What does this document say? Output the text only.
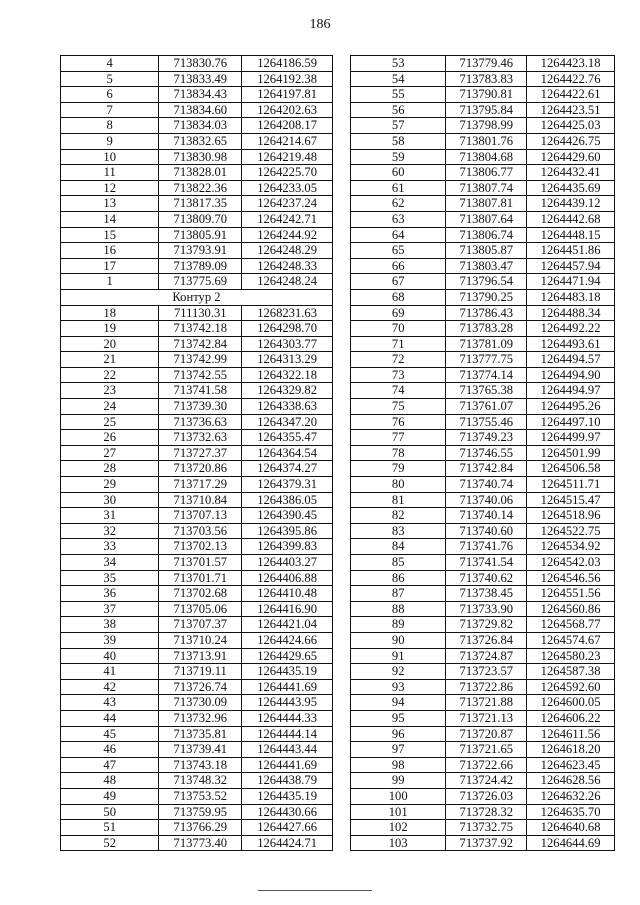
186
4	713830.76	1264186.59
5	713833.49	1264192.38
6	713834.43	1264197.81
7	713834.60	1264202.63
8	713834.03	1264208.17
9	713832.65	1264214.67
10	713830.98	1264219.48
11	713828.01	1264225.70
12	713822.36	1264233.05
13	713817.35	1264237.24
14	713809.70	1264242.71
15	713805.91	1264244.92
16	713793.91	1264248.29
17	713789.09	1264248.33
1	713775.69	1264248.24
Контур 2		
18	711130.31	1268231.63
19	713742.18	1264298.70
20	713742.84	1264303.77
21	713742.99	1264313.29
22	713742.55	1264322.18
23	713741.58	1264329.82
24	713739.30	1264338.63
25	713736.63	1264347.20
26	713732.63	1264355.47
27	713727.37	1264364.54
28	713720.86	1264374.27
29	713717.29	1264379.31
30	713710.84	1264386.05
31	713707.13	1264390.45
32	713703.56	1264395.86
33	713702.13	1264399.83
34	713701.57	1264403.27
35	713701.71	1264406.88
36	713702.68	1264410.48
37	713705.06	1264416.90
38	713707.37	1264421.04
39	713710.24	1264424.66
40	713713.91	1264429.65
41	713719.11	1264435.19
42	713726.74	1264441.69
43	713730.09	1264443.95
44	713732.96	1264444.33
45	713735.81	1264444.14
46	713739.41	1264443.44
47	713743.18	1264441.69
48	713748.32	1264438.79
49	713753.52	1264435.19
50	713759.95	1264430.66
51	713766.29	1264427.66
52	713773.40	1264424.71
53	713779.46	1264423.18
54	713783.83	1264422.76
55	713790.81	1264422.61
56	713795.84	1264423.51
57	713798.99	1264425.03
58	713801.76	1264426.75
59	713804.68	1264429.60
60	713806.77	1264432.41
61	713807.74	1264435.69
62	713807.81	1264439.12
63	713807.64	1264442.68
64	713806.74	1264448.15
65	713805.87	1264451.86
66	713803.47	1264457.94
67	713796.54	1264471.94
68	713790.25	1264483.18
69	713786.43	1264488.34
70	713783.28	1264492.22
71	713781.09	1264493.61
72	713777.75	1264494.57
73	713774.14	1264494.90
74	713765.38	1264494.97
75	713761.07	1264495.26
76	713755.46	1264497.10
77	713749.23	1264499.97
78	713746.55	1264501.99
79	713742.84	1264506.58
80	713740.74	1264511.71
81	713740.06	1264515.47
82	713740.14	1264518.96
83	713740.60	1264522.75
84	713741.76	1264534.92
85	713741.54	1264542.03
86	713740.62	1264546.56
87	713738.45	1264551.56
88	713733.90	1264560.86
89	713729.82	1264568.77
90	713726.84	1264574.67
91	713724.87	1264580.23
92	713723.57	1264587.38
93	713722.86	1264592.60
94	713721.88	1264600.05
95	713721.13	1264606.22
96	713720.87	1264611.56
97	713721.65	1264618.20
98	713722.66	1264623.45
99	713724.42	1264628.56
100	713726.03	1264632.26
101	713728.32	1264635.70
102	713732.75	1264640.68
103	713737.92	1264644.69
